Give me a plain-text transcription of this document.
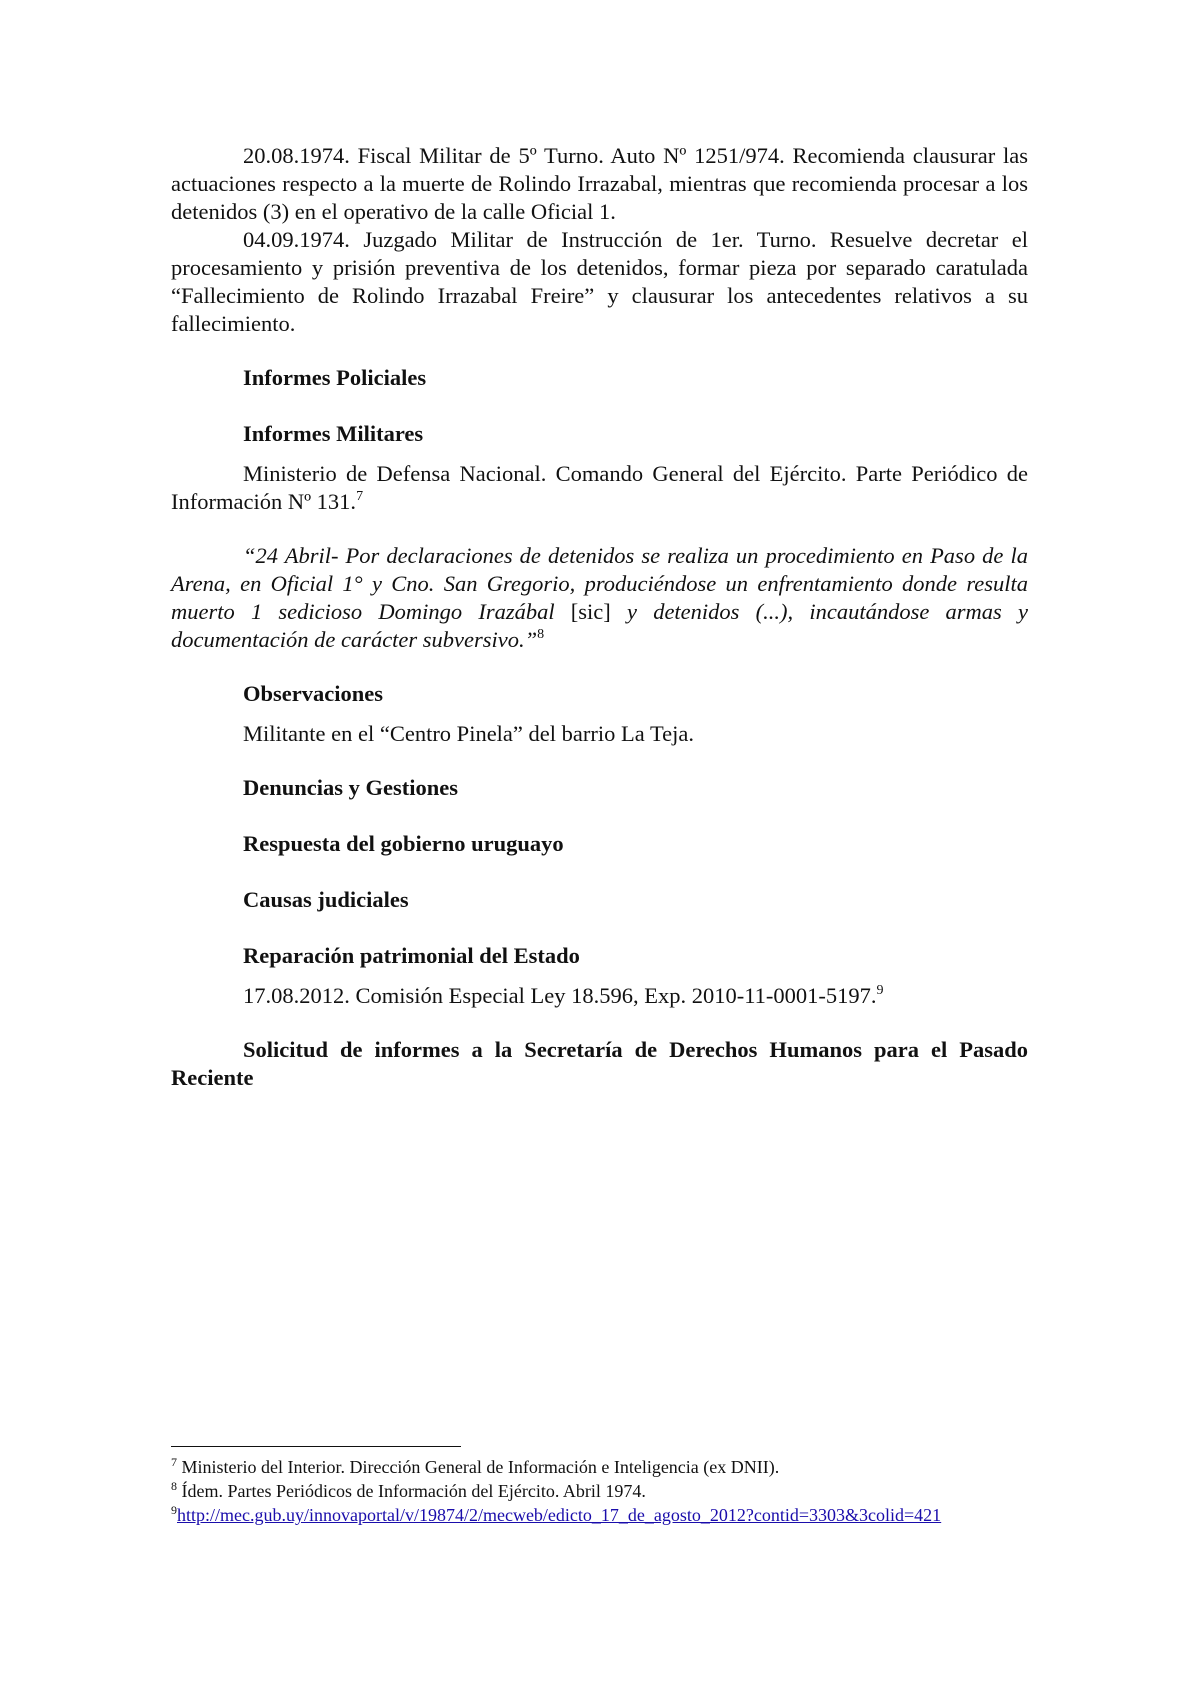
20.08.1974. Fiscal Militar de 5º Turno. Auto Nº 1251/974. Recomienda clausurar las actuaciones respecto a la muerte de Rolindo Irrazabal, mientras que recomienda procesar a los detenidos (3) en el operativo de la calle Oficial 1.

04.09.1974. Juzgado Militar de Instrucción de 1er. Turno. Resuelve decretar el procesamiento y prisión preventiva de los detenidos, formar pieza por separado caratulada “Fallecimiento de Rolindo Irrazabal Freire” y clausurar los antecedentes relativos a su fallecimiento.

Informes Policiales

Informes Militares

Ministerio de Defensa Nacional. Comando General del Ejército. Parte Periódico de Información Nº 131.$^7$

“24 Abril- Por declaraciones de detenidos se realiza un procedimiento en Paso de la Arena, en Oficial 1° y Cno. San Gregorio, produciéndose un enfrentamiento donde resulta muerto 1 sedicioso Domingo Irazábal [sic] y detenidos (...), incautándose armas y documentación de carácter subversivo.”$^8$

Observaciones

Militante en el “Centro Pinela” del barrio La Teja.

Denuncias y Gestiones

Respuesta del gobierno uruguayo

Causas judiciales

Reparación patrimonial del Estado

17.08.2012. Comisión Especial Ley 18.596, Exp. 2010-11-0001-5197.$^9$

Solicitud de informes a la Secretaría de Derechos Humanos para el Pasado Reciente

$^7$ Ministerio del Interior. Dirección General de Información e Inteligencia (ex DNII).

$^8$ Ídem. Partes Periódicos de Información del Ejército. Abril 1974.

$^9$http://mec.gub.uy/innovaportal/v/19874/2/mecweb/edicto_17_de_agosto_2012?contid=3303&3colid=421
